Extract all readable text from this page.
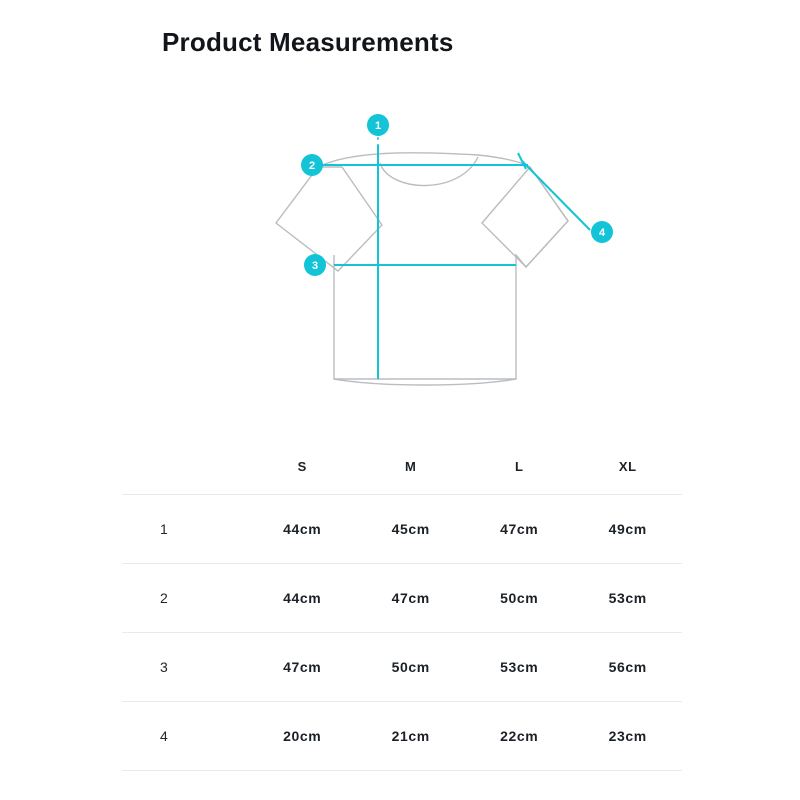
Product Measurements
1
2
3
4
	S	M	L	XL
1	44cm	45cm	47cm	49cm
2	44cm	47cm	50cm	53cm
3	47cm	50cm	53cm	56cm
4	20cm	21cm	22cm	23cm
